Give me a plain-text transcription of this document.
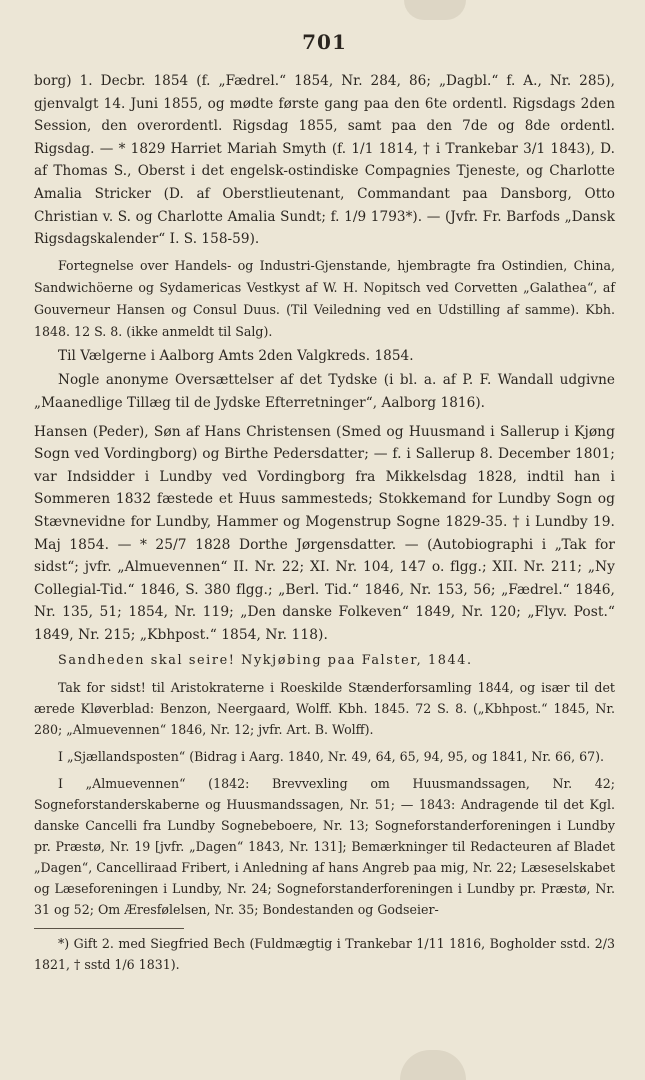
701

borg) 1. Decbr. 1854 (f. „Fædrel.“ 1854, Nr. 284, 86; „Dagbl.“ f. A., Nr. 285), gjenvalgt 14. Juni 1855, og mødte første gang paa den 6te ordentl. Rigsdags 2den Session, den overordentl. Rigsdag 1855, samt paa den 7de og 8de ordentl. Rigsdag. — * 1829 Harriet Mariah Smyth (f. 1/1 1814, † i Trankebar 3/1 1843), D. af Thomas S., Oberst i det engelsk-ostindiske Compagnies Tjeneste, og Charlotte Amalia Stricker (D. af Oberstlieutenant, Commandant paa Dansborg, Otto Christian v. S. og Charlotte Amalia Sundt; f. 1/9 1793*). — (Jvfr. Fr. Barfods „Dansk Rigsdagskalender“ I. S. 158-59).

Fortegnelse over Handels- og Industri-Gjenstande, hjembragte fra Ostindien, China, Sandwichöerne og Sydamericas Vestkyst af W. H. Nopitsch ved Corvetten „Galathea“, af Gouverneur Hansen og Consul Duus. (Til Veiledning ved en Udstilling af samme). Kbh. 1848. 12 S. 8. (ikke anmeldt til Salg).

Til Vælgerne i Aalborg Amts 2den Valgkreds. 1854.

Nogle anonyme Oversættelser af det Tydske (i bl. a. af P. F. Wandall udgivne „Maanedlige Tillæg til de Jydske Efterretninger“, Aalborg 1816).

Hansen (Peder), Søn af Hans Christensen (Smed og Huusmand i Sallerup i Kjøng Sogn ved Vordingborg) og Birthe Pedersdatter; — f. i Sallerup 8. December 1801; var Indsidder i Lundby ved Vordingborg fra Mikkelsdag 1828, indtil han i Sommeren 1832 fæstede et Huus sammesteds; Stokkemand for Lundby Sogn og Stævnevidne for Lundby, Hammer og Mogenstrup Sogne 1829-35. † i Lundby 19. Maj 1854. — * 25/7 1828 Dorthe Jørgensdatter. — (Autobiographi i „Tak for sidst“; jvfr. „Almuevennen“ II. Nr. 22; XI. Nr. 104, 147 o. flgg.; XII. Nr. 211; „Ny Collegial-Tid.“ 1846, S. 380 flgg.; „Berl. Tid.“ 1846, Nr. 153, 56; „Fædrel.“ 1846, Nr. 135, 51; 1854, Nr. 119; „Den danske Folkeven“ 1849, Nr. 120; „Flyv. Post.“ 1849, Nr. 215; „Kbhpost.“ 1854, Nr. 118).

Sandheden skal seire! Nykjøbing paa Falster, 1844.

Tak for sidst! til Aristokraterne i Roeskilde Stænderforsamling 1844, og især til det ærede Kløverblad: Benzon, Neergaard, Wolff. Kbh. 1845. 72 S. 8. („Kbhpost.“ 1845, Nr. 280; „Almuevennen“ 1846, Nr. 12; jvfr. Art. B. Wolff).

I „Sjællandsposten“ (Bidrag i Aarg. 1840, Nr. 49, 64, 65, 94, 95, og 1841, Nr. 66, 67).

I „Almuevennen“ (1842: Brevvexling om Huusmandssagen, Nr. 42; Sogneforstanderskaberne og Huusmandssagen, Nr. 51; — 1843: Andragende til det Kgl. danske Cancelli fra Lundby Sognebeboere, Nr. 13; Sogneforstanderforeningen i Lundby pr. Præstø, Nr. 19 [jvfr. „Dagen“ 1843, Nr. 131]; Bemærkninger til Redacteuren af Bladet „Dagen“, Cancelliraad Fribert, i Anledning af hans Angreb paa mig, Nr. 22; Læseselskabet og Læseforeningen i Lundby, Nr. 24; Sogneforstanderforeningen i Lundby pr. Præstø, Nr. 31 og 52; Om Æresfølelsen, Nr. 35; Bondestanden og Godseier-

*) Gift 2. med Siegfried Bech (Fuldmægtig i Trankebar 1/11 1816, Bogholder sstd. 2/3 1821, † sstd 1/6 1831).
